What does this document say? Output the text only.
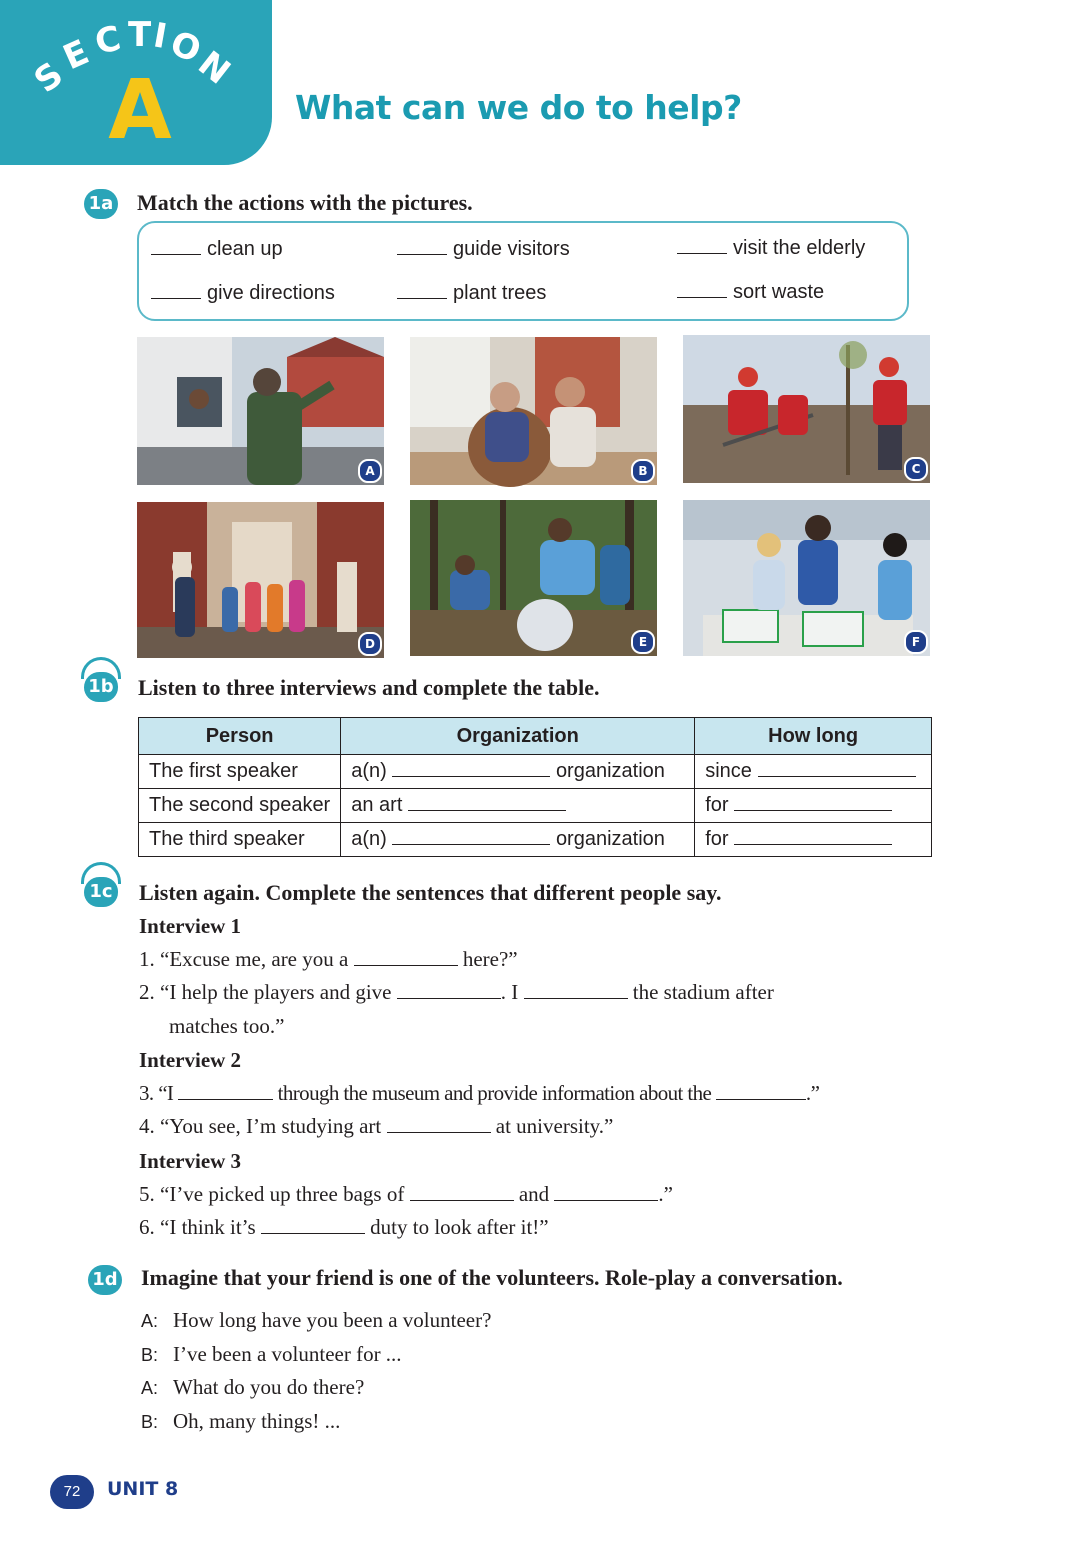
S
E
C T I
O
N
A	What can we do to help?
1a Match the actions with the pictures.
clean up	guide visitors	visit the elderly
give directions	plant trees	sort waste
A	B	C
D	E	F
1b Listen to three interviews and complete the table.
Person	Organization	How long
The first speaker	a(n) organization	since
The second speaker	an art	for
The third speaker	a(n) organization	for
1c Listen again. Complete the sentences that different people say.
Interview 1
1. “Excuse me, are you a	here?”
2. “I help the players and give	. I	the stadium after
matches too.”
Interview 2
3. “I	through the museum and provide information about the	.”
4. “You see, I’m studying art	at university.”
Interview 3
5. “I’ve picked up three bags of	and	.”
6. “I think it’s	duty to look after it!”
1d Imagine that your friend is one of the volunteers. Role-play a conversation.
A: How long have you been a volunteer?
B: I’ve been a volunteer for ...
A: What do you do there?
B: Oh, many things! ...
72	UNIT 8
